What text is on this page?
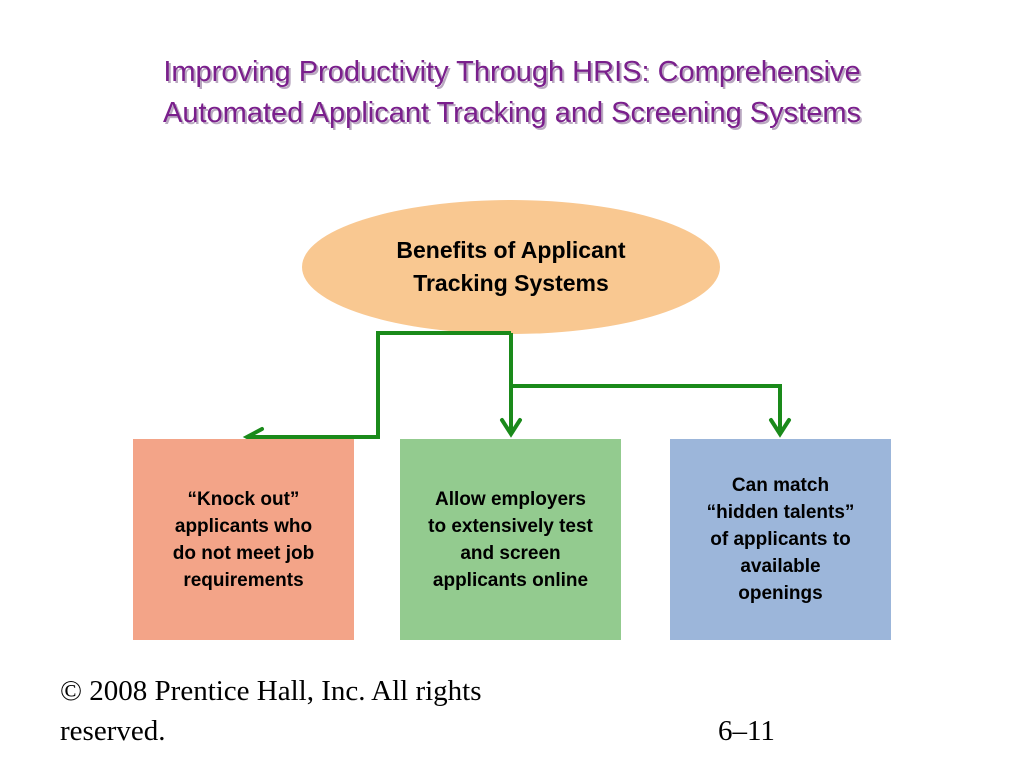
Improving Productivity Through HRIS: Comprehensive
Automated Applicant Tracking and Screening Systems
Benefits of Applicant
Tracking Systems
“Knock out”
applicants who
do not meet job
requirements
Allow employers
to extensively test
and screen
applicants online
Can match
“hidden talents”
of applicants to
available
openings
© 2008 Prentice Hall, Inc. All rights reserved.	6–11
